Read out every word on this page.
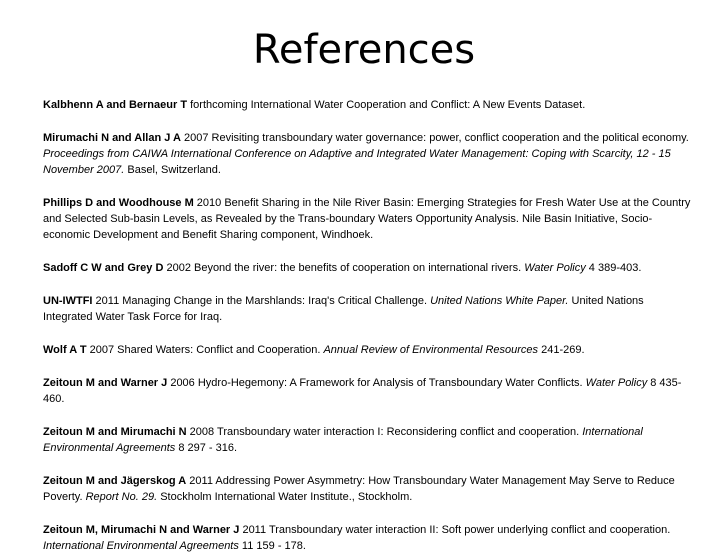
References

Kalbhenn A and Bernaeur T forthcoming International Water Cooperation and Conflict: A New Events Dataset.

Mirumachi N and Allan J A 2007 Revisiting transboundary water governance: power, conflict cooperation and the political economy. Proceedings from CAIWA International Conference on Adaptive and Integrated Water Management: Coping with Scarcity, 12 - 15 November 2007. Basel, Switzerland.

Phillips D and Woodhouse M 2010 Benefit Sharing in the Nile River Basin: Emerging Strategies for Fresh Water Use at the Country and Selected Sub-basin Levels, as Revealed by the Trans-boundary Waters Opportunity Analysis. Nile Basin Initiative, Socio-economic Development and Benefit Sharing component, Windhoek.

Sadoff C W and Grey D 2002 Beyond the river: the benefits of cooperation on international rivers. Water Policy 4 389-403.

UN-IWTFI 2011 Managing Change in the Marshlands: Iraq's Critical Challenge. United Nations White Paper. United Nations Integrated Water Task Force for Iraq.

Wolf A T 2007 Shared Waters: Conflict and Cooperation. Annual Review of Environmental Resources 241-269.

Zeitoun M and Warner J 2006 Hydro-Hegemony: A Framework for Analysis of Transboundary Water Conflicts. Water Policy 8 435-460.

Zeitoun M and Mirumachi N 2008 Transboundary water interaction I: Reconsidering conflict and cooperation. International Environmental Agreements 8 297 - 316.

Zeitoun M and Jägerskog A 2011 Addressing Power Asymmetry: How Transboundary Water Management May Serve to Reduce Poverty. Report No. 29. Stockholm International Water Institute., Stockholm.

Zeitoun M, Mirumachi N and Warner J 2011 Transboundary water interaction II: Soft power underlying conflict and cooperation. International Environmental Agreements 11 159 - 178.
